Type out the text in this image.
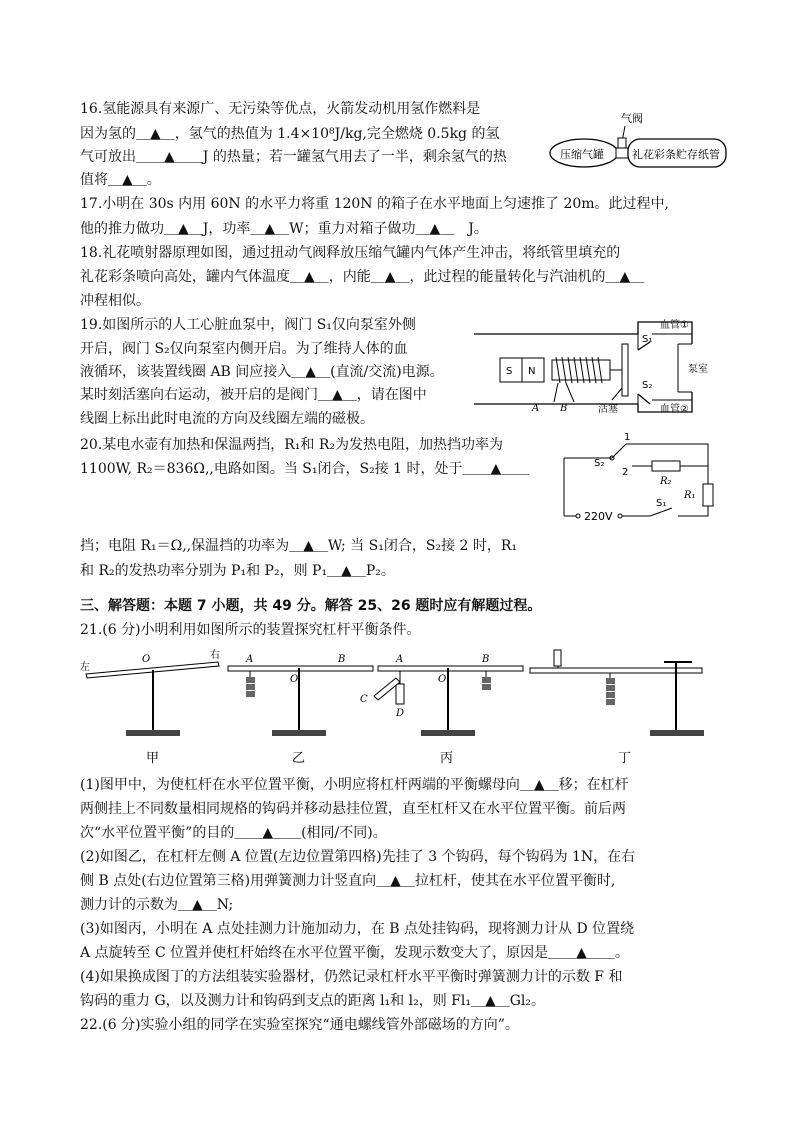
16.氢能源具有来源广、无污染等优点，火箭发动机用氢作燃料是
因为氢的＿▲＿，氢气的热值为 1.4×10⁸J/kg,完全燃烧 0.5kg 的氢
气可放出＿＿▲＿＿J 的热量；若一罐氢气用去了一半，剩余氢气的热
值将＿▲＿。
气阀
压缩气罐	礼花彩条贮存纸管
17.小明在 30s 内用 60N 的水平力将重 120N 的箱子在水平地面上匀速推了 20m。此过程中,
他的推力做功＿▲＿J，功率＿▲＿W；重力对箱子做功＿▲＿　J。
18.礼花喷射器原理如图，通过扭动气阀释放压缩气罐内气体产生冲击，将纸管里填充的
礼花彩条喷向高处，罐内气体温度＿▲＿，内能＿▲＿，此过程的能量转化与汽油机的＿▲＿
冲程相似。
19.如图所示的人工心脏血泵中，阀门 S₁仅向泵室外侧
开启，阀门 S₂仅向泵室内侧开启。为了维持人体的血
液循环，该装置线圈 AB 间应接入＿▲＿(直流/交流)电源。
某时刻活塞向右运动，被开启的是阀门＿▲＿，请在图中
线圈上标出此时电流的方向及线圈左端的磁极。
S₁
S₂
血管①
血管②
泵室
S N
A B	活塞
20.某电水壶有加热和保温两挡，R₁和 R₂为发热电阻，加热挡功率为
1100W, R₂＝836Ω,,电路如图。当 S₁闭合，S₂接 1 时，处于＿＿▲＿＿
挡；电阻 R₁＝Ω,,保温挡的功率为＿▲＿W; 当 S₁闭合，S₂接 2 时，R₁
和 R₂的发热功率分别为 P₁和 P₂，则 P₁＿▲＿P₂。
1
S₂
2
R₂
R₁
220V
S₁
三、解答题：本题 7 小题，共 49 分。解答 25、26 题时应有解题过程。
21.(6 分)小明利用如图所示的装置探究杠杆平衡条件。
左
右
O
甲
A	B
O
乙
A	B
O
C
D
丙	丁
(1)图甲中，为使杠杆在水平位置平衡，小明应将杠杆两端的平衡螺母向＿▲＿移；在杠杆
两侧挂上不同数量相同规格的钩码并移动悬挂位置，直至杠杆又在水平位置平衡。前后两
次“水平位置平衡”的目的＿＿▲＿＿(相同/不同)。
(2)如图乙，在杠杆左侧 A 位置(左边位置第四格)先挂了 3 个钩码，每个钩码为 1N，在右
侧 B 点处(右边位置第三格)用弹簧测力计竖直向＿▲＿拉杠杆，使其在水平位置平衡时,
测力计的示数为＿▲＿N;
(3)如图丙，小明在 A 点处挂测力计施加动力，在 B 点处挂钩码，现将测力计从 D 位置绕
A 点旋转至 C 位置并使杠杆始终在水平位置平衡，发现示数变大了，原因是＿＿▲＿＿。
(4)如果换成图丁的方法组装实验器材，仍然记录杠杆水平平衡时弹簧测力计的示数 F 和
钩码的重力 G，以及测力计和钩码到支点的距离 l₁和 l₂，则 Fl₁＿▲＿Gl₂。
22.(6 分)实验小组的同学在实验室探究“通电螺线管外部磁场的方向”。
